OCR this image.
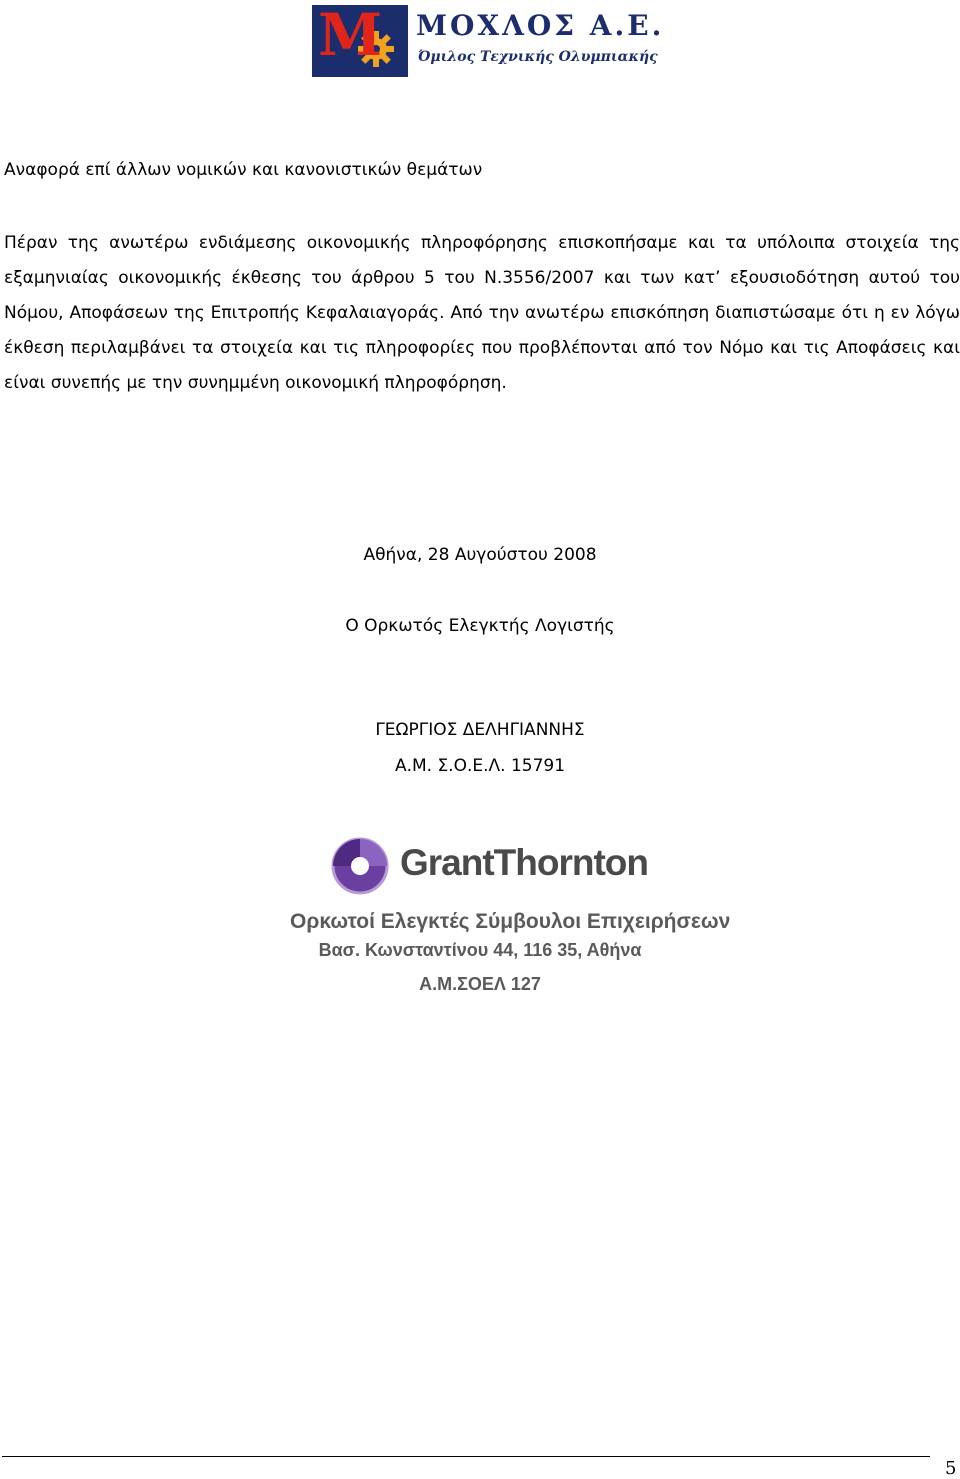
M ΜΟΧΛΟΣ Α.Ε.
Όμιλος Τεχνικής Ολυμπιακής
Αναφορά επί άλλων νομικών και κανονιστικών θεμάτων
Πέραν της ανωτέρω ενδιάμεσης οικονομικής πληροφόρησης επισκοπήσαμε και τα υπόλοιπα στοιχεία της εξαμηνιαίας οικονομικής έκθεσης του άρθρου 5 του Ν.3556/2007 και των κατ’ εξουσιοδότηση αυτού του Νόμου, Αποφάσεων της Επιτροπής Κεφαλαιαγοράς. Από την ανωτέρω επισκόπηση διαπιστώσαμε ότι η εν λόγω έκθεση περιλαμβάνει τα στοιχεία και τις πληροφορίες που προβλέπονται από τον Νόμο και τις Αποφάσεις και είναι συνεπής με την συνημμένη οικονομική πληροφόρηση.
Αθήνα, 28 Αυγούστου 2008
Ο Ορκωτός Ελεγκτής Λογιστής
ΓΕΩΡΓΙΟΣ ΔΕΛΗΓΙΑΝΝΗΣ
Α.Μ. Σ.Ο.Ε.Λ. 15791
GrantThornton
Ορκωτοί Ελεγκτές Σύμβουλοι Επιχειρήσεων
Βασ. Κωνσταντίνου 44, 116 35, Αθήνα
Α.Μ.ΣΟΕΛ 127
5
